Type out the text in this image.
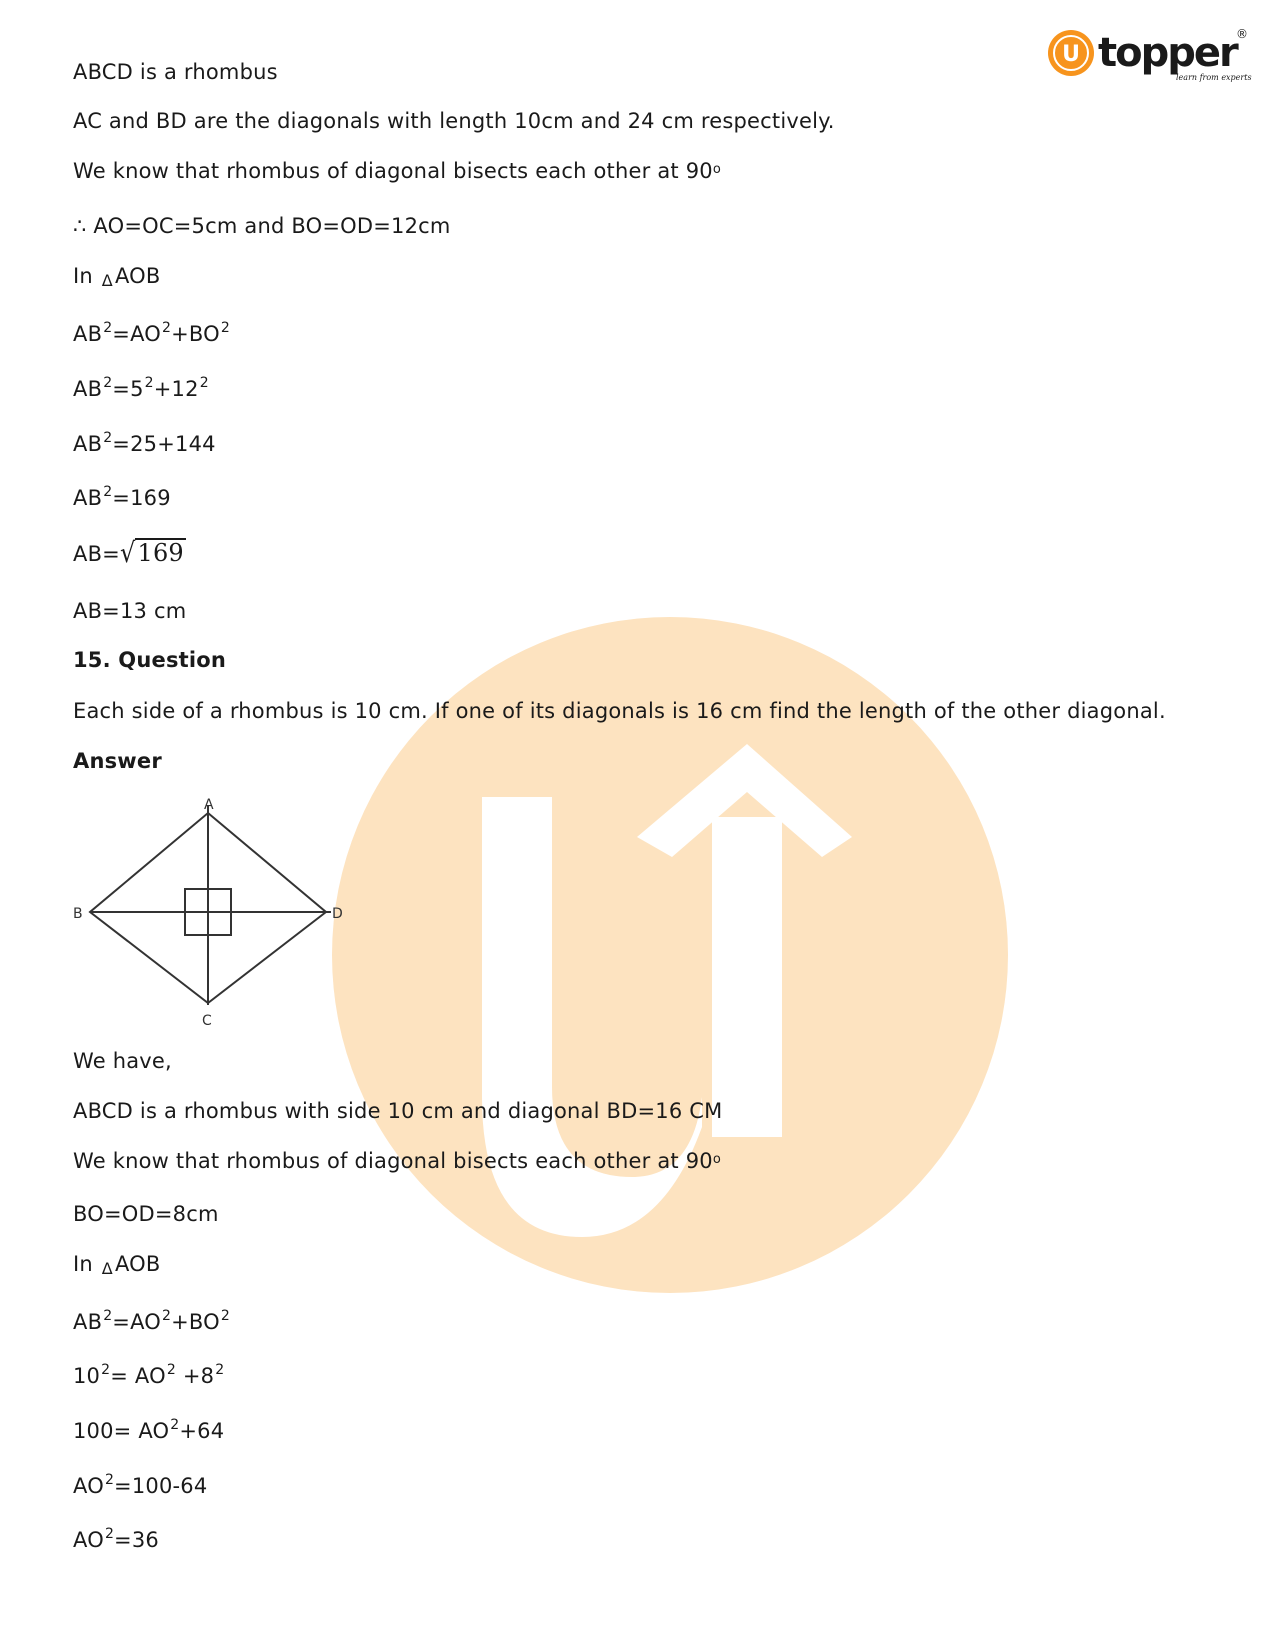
U topper ®
learn from experts
ABCD is a rhombus
AC and BD are the diagonals with length 10cm and 24 cm respectively.
We know that rhombus of diagonal bisects each other at 90$^o$
∴ AO=OC=5cm and BO=OD=12cm
In ΔAOB
$AB^2=AO^2+BO^2$
$AB^2=5^2+12^2$
$AB^2=25+144$
$AB^2=169$
AB=√169
AB=13 cm
15. Question
Each side of a rhombus is 10 cm. If one of its diagonals is 16 cm find the length of the other diagonal.
Answer
We have,
ABCD is a rhombus with side 10 cm and diagonal BD=16 CM
We know that rhombus of diagonal bisects each other at 90$^o$
BO=OD=8cm
In ΔAOB
$AB^2=AO^2+BO^2$
$10^2= AO^2 +8^2$
$100= AO^2+64$
$AO^2=100-64$
$AO^2=36$
A
B
C
D
